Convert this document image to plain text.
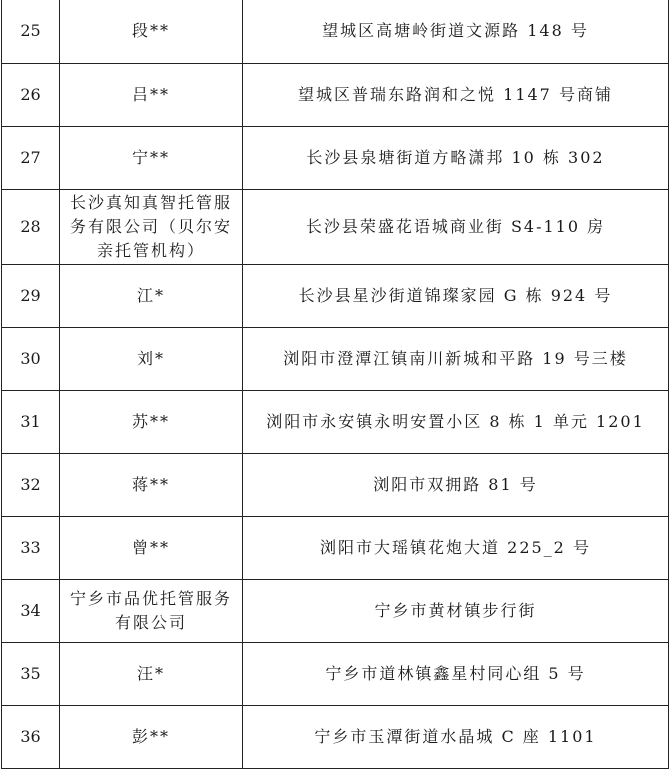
25	段**	望城区高塘岭街道文源路 148 号
26	吕**	望城区普瑞东路润和之悦 1147 号商铺
27	宁**	长沙县泉塘街道方略潇邦 10 栋 302
28	长沙真知真智托管服务有限公司（贝尔安亲托管机构）	长沙县荣盛花语城商业街 S4-110 房
29	江*	长沙县星沙街道锦璨家园 G 栋 924 号
30	刘*	浏阳市澄潭江镇南川新城和平路 19 号三楼
31	苏**	浏阳市永安镇永明安置小区 8 栋 1 单元 1201
32	蒋**	浏阳市双拥路 81 号
33	曾**	浏阳市大瑶镇花炮大道 225_2 号
34	宁乡市品优托管服务有限公司	宁乡市黄材镇步行街
35	汪*	宁乡市道林镇鑫星村同心组 5 号
36	彭**	宁乡市玉潭街道水晶城 C 座 1101
